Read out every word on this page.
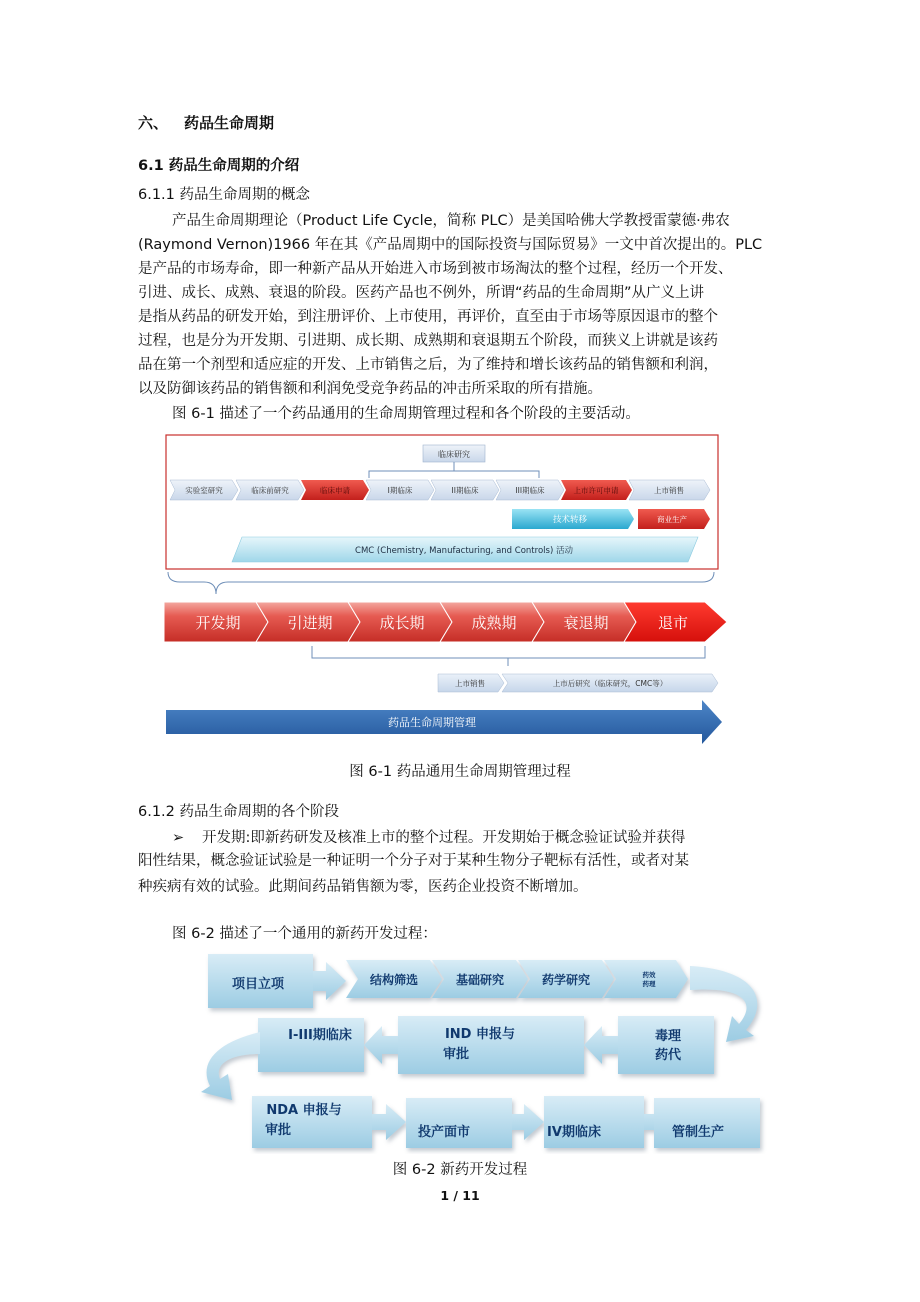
六、 药品生命周期
6.1 药品生命周期的介绍
6.1.1 药品生命周期的概念
产品生命周期理论（Product Life Cycle，简称 PLC）是美国哈佛大学教授雷蒙德·弗农
(Raymond Vernon)1966 年在其《产品周期中的国际投资与国际贸易》一文中首次提出的。PLC
是产品的市场寿命，即一种新产品从开始进入市场到被市场淘汰的整个过程，经历一个开发、
引进、成长、成熟、衰退的阶段。医药产品也不例外，所谓“药品的生命周期”从广义上讲
是指从药品的研发开始，到注册评价、上市使用，再评价，直至由于市场等原因退市的整个
过程，也是分为开发期、引进期、成长期、成熟期和衰退期五个阶段，而狭义上讲就是该药
品在第一个剂型和适应症的开发、上市销售之后，为了维持和增长该药品的销售额和利润，
以及防御该药品的销售额和利润免受竞争药品的冲击所采取的所有措施。
图 6-1 描述了一个药品通用的生命周期管理过程和各个阶段的主要活动。
临床研究
实验室研究	临床前研究	临床申请	I期临床	II期临床	III期临床	上市许可申请	上市销售
技术转移	商业生产
CMC (Chemistry, Manufacturing, and Controls) 活动
开发期	引进期	成长期	成熟期	衰退期	退市
上市销售	上市后研究（临床研究，CMC等）
药品生命周期管理
图 6-1 药品通用生命周期管理过程
6.1.2 药品生命周期的各个阶段
➢ 开发期:即新药研发及核准上市的整个过程。开发期始于概念验证试验并获得
阳性结果，概念验证试验是一种证明一个分子对于某种生物分子靶标有活性，或者对某
种疾病有效的试验。此期间药品销售额为零，医药企业投资不断增加。
图 6-2 描述了一个通用的新药开发过程：
项目立项	结构筛选	基础研究	药学研究	药效
药理
毒理
药代
IND 申报与
审批
I-III期临床
NDA 申报与
审批	投产面市	IV期临床	管制生产
图 6-2 新药开发过程
1 / 11
